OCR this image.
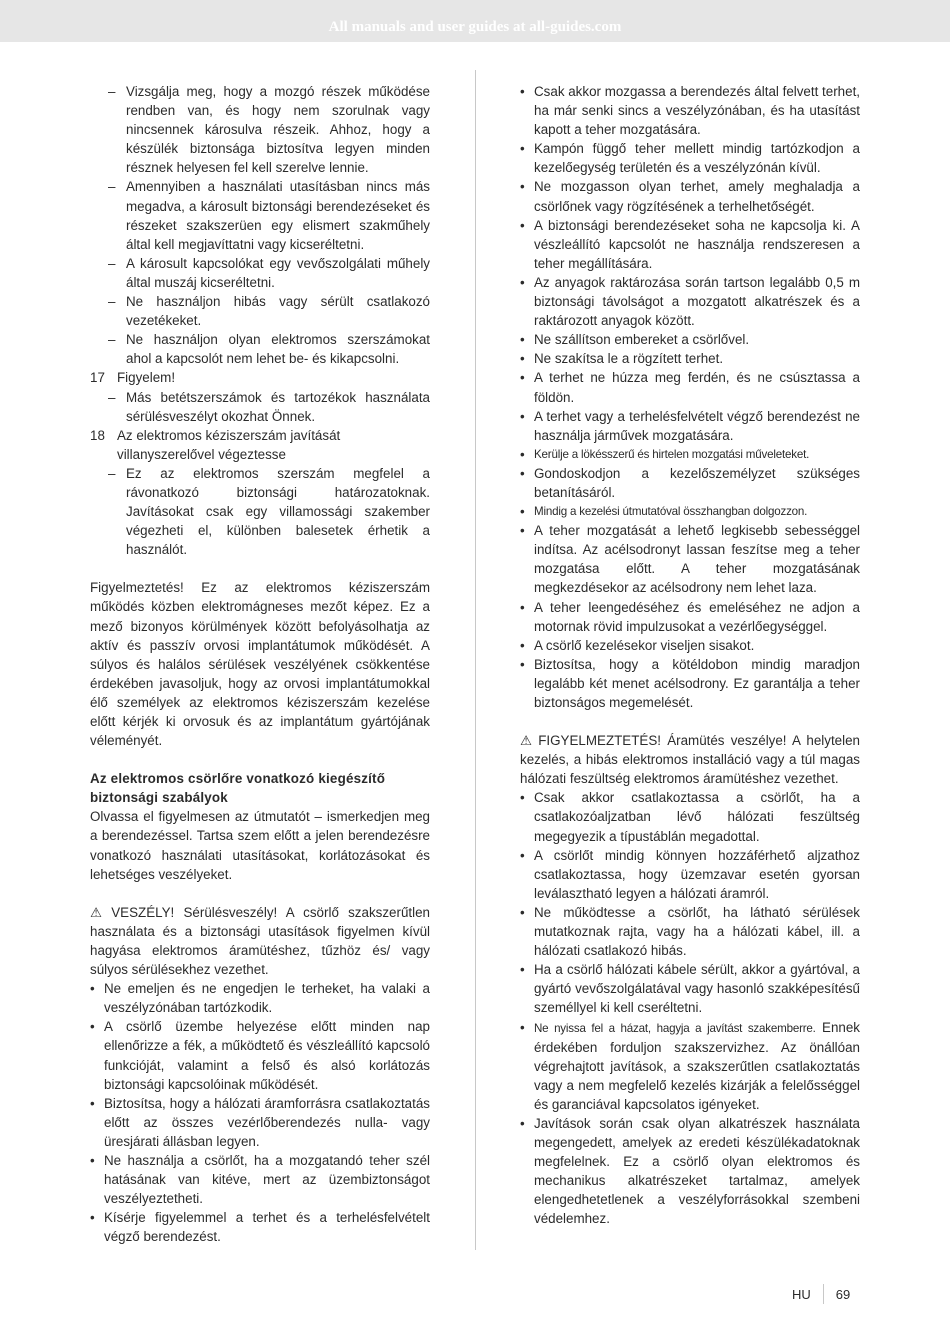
All manuals and user guides at all-guides.com
– Vizsgálja meg, hogy a mozgó részek működése rendben van, és hogy nem szorulnak vagy nincsennek károsulva részeik. Ahhoz, hogy a készülék biztonsága biztosítva legyen minden résznek helyesen fel kell szerelve lennie.
– Amennyiben a használati utasításban nincs más megadva, a károsult biztonsági berendezéseket és részeket szakszerüen egy elismert szakműhely által kell megjavíttatni vagy kicseréltetni.
– A károsult kapcsolókat egy vevőszolgálati műhely által muszáj kicseréltetni.
– Ne használjon hibás vagy sérült csatlakozó vezetékeket.
– Ne használjon olyan elektromos szerszámokat ahol a kapcsolót nem lehet be- és kikapcsolni.
17 Figyelem!
– Más betétszerszámok és tartozékok használata sérülésveszélyt okozhat Önnek.
18 Az elektromos kéziszerszám javítását villanyszerelővel végeztesse
– Ez az elektromos szerszám megfelel a rávonatkozó biztonsági határozatoknak. Javításokat csak egy villamossági szakember végezheti el, különben balesetek érhetik a használót.

Figyelmeztetés! Ez az elektromos kéziszerszám működés közben elektromágneses mezőt képez. Ez a mező bizonyos körülmények között befolyásolhatja az aktív és passzív orvosi implantátumok működését. A súlyos és halálos sérülések veszélyének csökkentése érdekében javasoljuk, hogy az orvosi implantátumokkal élő személyek az elektromos kéziszerszám kezelése előtt kérjék ki orvosuk és az implantátum gyártójának véleményét.

Az elektromos csörlőre vonatkozó kiegészítő biztonsági szabályok

Olvassa el figyelmesen az útmutatót – ismerkedjen meg a berendezéssel. Tartsa szem előtt a jelen berendezésre vonatkozó használati utasításokat, korlátozásokat és lehetséges veszélyeket.

⚠ VESZÉLY! Sérülésveszély! A csörlő szakszerűtlen használata és a biztonsági utasítások figyelmen kívül hagyása elektromos áramütéshez, tűzhöz és/ vagy súlyos sérülésekhez vezethet.

• Ne emeljen és ne engedjen le terheket, ha valaki a veszélyzónában tartózkodik.
• A csörlő üzembe helyezése előtt minden nap ellenőrizze a fék, a működtető és vészleállító kapcsoló funkcióját, valamint a felső és alsó korlátozás biztonsági kapcsolóinak működését.
• Biztosítsa, hogy a hálózati áramforrásra csatlakoztatás előtt az összes vezérlőberendezés nulla- vagy üresjárati állásban legyen.
• Ne használja a csörlőt, ha a mozgatandó teher szél hatásának van kitéve, mert az üzembiztonságot veszélyeztetheti.
• Kísérje figyelemmel a terhet és a terhelésfelvételt végző berendezést.
• Csak akkor mozgassa a berendezés által felvett terhet, ha már senki sincs a veszélyzónában, és ha utasítást kapott a teher mozgatására.
• Kampón függő teher mellett mindig tartózkodjon a kezelőegység területén és a veszélyzónán kívül.
• Ne mozgasson olyan terhet, amely meghaladja a csörlőnek vagy rögzítésének a terhelhetőségét.
• A biztonsági berendezéseket soha ne kapcsolja ki. A vészleállító kapcsolót ne használja rendszeresen a teher megállítására.
• Az anyagok raktározása során tartson legalább 0,5 m biztonsági távolságot a mozgatott alkatrészek és a raktározott anyagok között.
• Ne szállítson embereket a csörlővel.
• Ne szakítsa le a rögzített terhet.
• A terhet ne húzza meg ferdén, és ne csúsztassa a földön.
• A terhet vagy a terhelésfelvételt végző berendezést ne használja járművek mozgatására.
• Kerülje a lökésszerű és hirtelen mozgatási műveleteket.
• Gondoskodjon a kezelőszemélyzet szükséges betanításáról.
• Mindig a kezelési útmutatóval összhangban dolgozzon.
• A teher mozgatását a lehető legkisebb sebességgel indítsa. Az acélsodronyt lassan feszítse meg a teher mozgatása előtt. A teher mozgatásának megkezdésekor az acélsodrony nem lehet laza.
• A teher leengedéséhez és emeléséhez ne adjon a motornak rövid impulzusokat a vezérlőegységgel.
• A csörlő kezelésekor viseljen sisakot.
• Biztosítsa, hogy a kötéldobon mindig maradjon legalább két menet acélsodrony. Ez garantálja a teher biztonságos megemelését.

⚠ FIGYELMEZTETÉS! Áramütés veszélye! A helytelen kezelés, a hibás elektromos installáció vagy a túl magas hálózati feszültség elektromos áramütéshez vezethet.

• Csak akkor csatlakoztassa a csörlőt, ha a csatlakozóaljzatban lévő hálózati feszültség megegyezik a típustáblán megadottal.
• A csörlőt mindig könnyen hozzáférhető aljzathoz csatlakoztassa, hogy üzemzavar esetén gyorsan leválasztható legyen a hálózati áramról.
• Ne működtesse a csörlőt, ha látható sérülések mutatkoznak rajta, vagy ha a hálózati kábel, ill. a hálózati csatlakozó hibás.
• Ha a csörlő hálózati kábele sérült, akkor a gyártóval, a gyártó vevőszolgálatával vagy hasonló szakképesítésű személlyel ki kell cseréltetni.
• Ne nyissa fel a házat, hagyja a javítást szakemberre. Ennek érdekében forduljon szakszervizhez. Az önállóan végrehajtott javítások, a szakszerűtlen csatlakoztatás vagy a nem megfelelő kezelés kizárják a felelősséggel és garanciával kapcsolatos igényeket.
• Javítások során csak olyan alkatrészek használata megengedett, amelyek az eredeti készülékadatoknak megfelelnek. Ez a csörlő olyan elektromos és mechanikus alkatrészeket tartalmaz, amelyek elengedhetetlenek a veszélyforrásokkal szembeni védelemhez.
HU 69
